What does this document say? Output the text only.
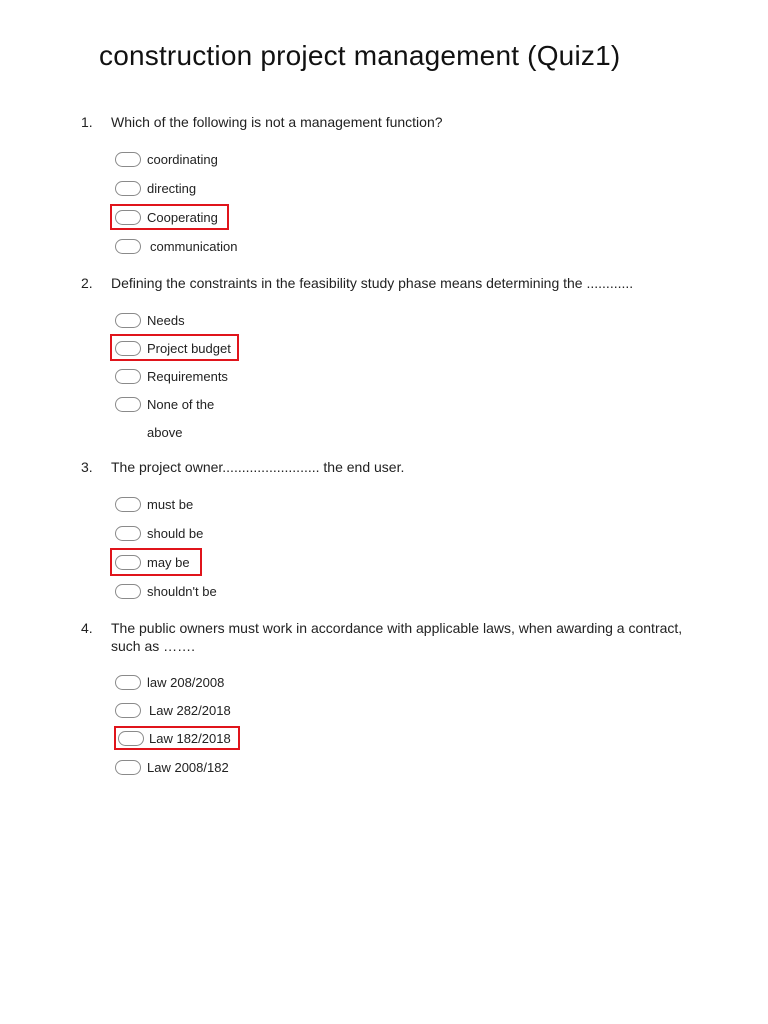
construction project management (Quiz1)
1. Which of the following is not a management function?
coordinating
directing
Cooperating
communication
2. Defining the constraints in the feasibility study phase means determining the ............
Needs
Project budget
Requirements
None of the
above
3. The project owner......................... the end user.
must be
should be
may be
shouldn't be
4. The public owners must work in accordance with applicable laws, when awarding a contract, such as …….
law 208/2008
Law 282/2018
Law 182/2018
Law 2008/182
